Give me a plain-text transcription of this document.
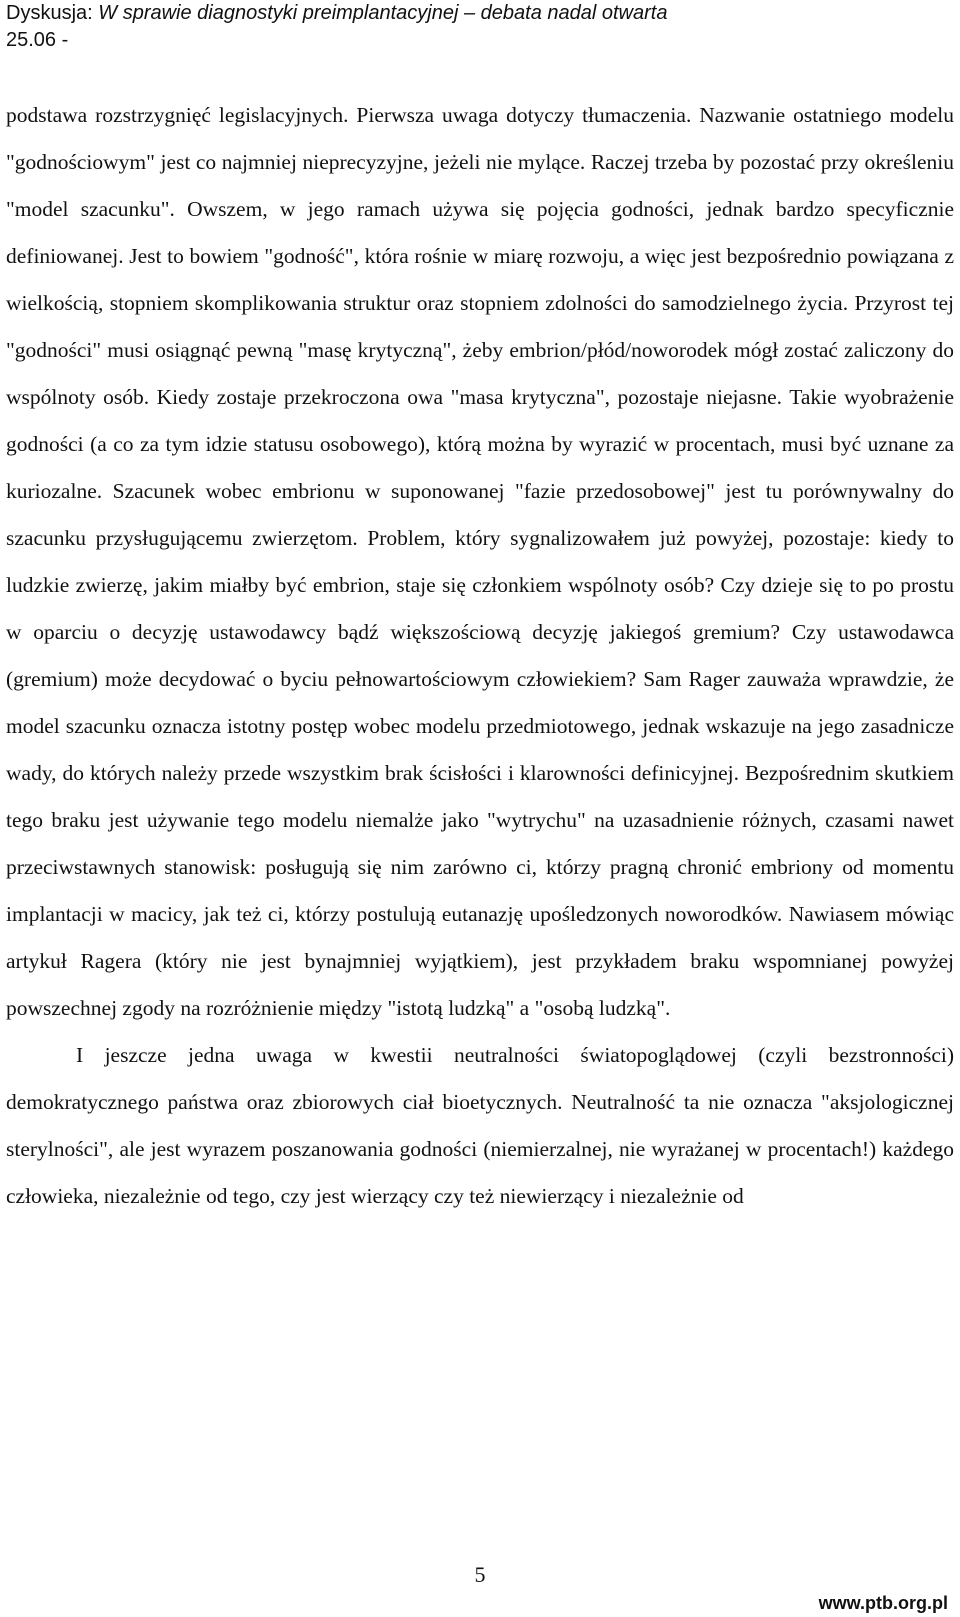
Dyskusja: W sprawie diagnostyki preimplantacyjnej – debata nadal otwarta
25.06 -

podstawa rozstrzygnięć legislacyjnych. Pierwsza uwaga dotyczy tłumaczenia. Nazwanie ostatniego modelu "godnościowym" jest co najmniej nieprecyzyjne, jeżeli nie mylące. Raczej trzeba by pozostać przy określeniu "model szacunku". Owszem, w jego ramach używa się pojęcia godności, jednak bardzo specyficznie definiowanej. Jest to bowiem "godność", która rośnie w miarę rozwoju, a więc jest bezpośrednio powiązana z wielkością, stopniem skomplikowania struktur oraz stopniem zdolności do samodzielnego życia. Przyrost tej "godności" musi osiągnąć pewną "masę krytyczną", żeby embrion/płód/noworodek mógł zostać zaliczony do wspólnoty osób. Kiedy zostaje przekroczona owa "masa krytyczna", pozostaje niejasne. Takie wyobrażenie godności (a co za tym idzie statusu osobowego), którą można by wyrazić w procentach, musi być uznane za kuriozalne. Szacunek wobec embrionu w suponowanej "fazie przedosobowej" jest tu porównywalny do szacunku przysługującemu zwierzętom. Problem, który sygnalizowałem już powyżej, pozostaje: kiedy to ludzkie zwierzę, jakim miałby być embrion, staje się członkiem wspólnoty osób? Czy dzieje się to po prostu w oparciu o decyzję ustawodawcy bądź większościową decyzję jakiegoś gremium? Czy ustawodawca (gremium) może decydować o byciu pełnowartościowym człowiekiem? Sam Rager zauważa wprawdzie, że model szacunku oznacza istotny postęp wobec modelu przedmiotowego, jednak wskazuje na jego zasadnicze wady, do których należy przede wszystkim brak ścisłości i klarowności definicyjnej. Bezpośrednim skutkiem tego braku jest używanie tego modelu niemalże jako "wytrychu" na uzasadnienie różnych, czasami nawet przeciwstawnych stanowisk: posługują się nim zarówno ci, którzy pragną chronić embriony od momentu implantacji w macicy, jak też ci, którzy postulują eutanazję upośledzonych noworodków. Nawiasem mówiąc artykuł Ragera (który nie jest bynajmniej wyjątkiem), jest przykładem braku wspomnianej powyżej powszechnej zgody na rozróżnienie między "istotą ludzką" a "osobą ludzką".

I jeszcze jedna uwaga w kwestii neutralności światopoglądowej (czyli bezstronności) demokratycznego państwa oraz zbiorowych ciał bioetycznych. Neutralność ta nie oznacza "aksjologicznej sterylności", ale jest wyrazem poszanowania godności (niemierzalnej, nie wyrażanej w procentach!) każdego człowieka, niezależnie od tego, czy jest wierzący czy też niewierzący i niezależnie od

5
www.ptb.org.pl
